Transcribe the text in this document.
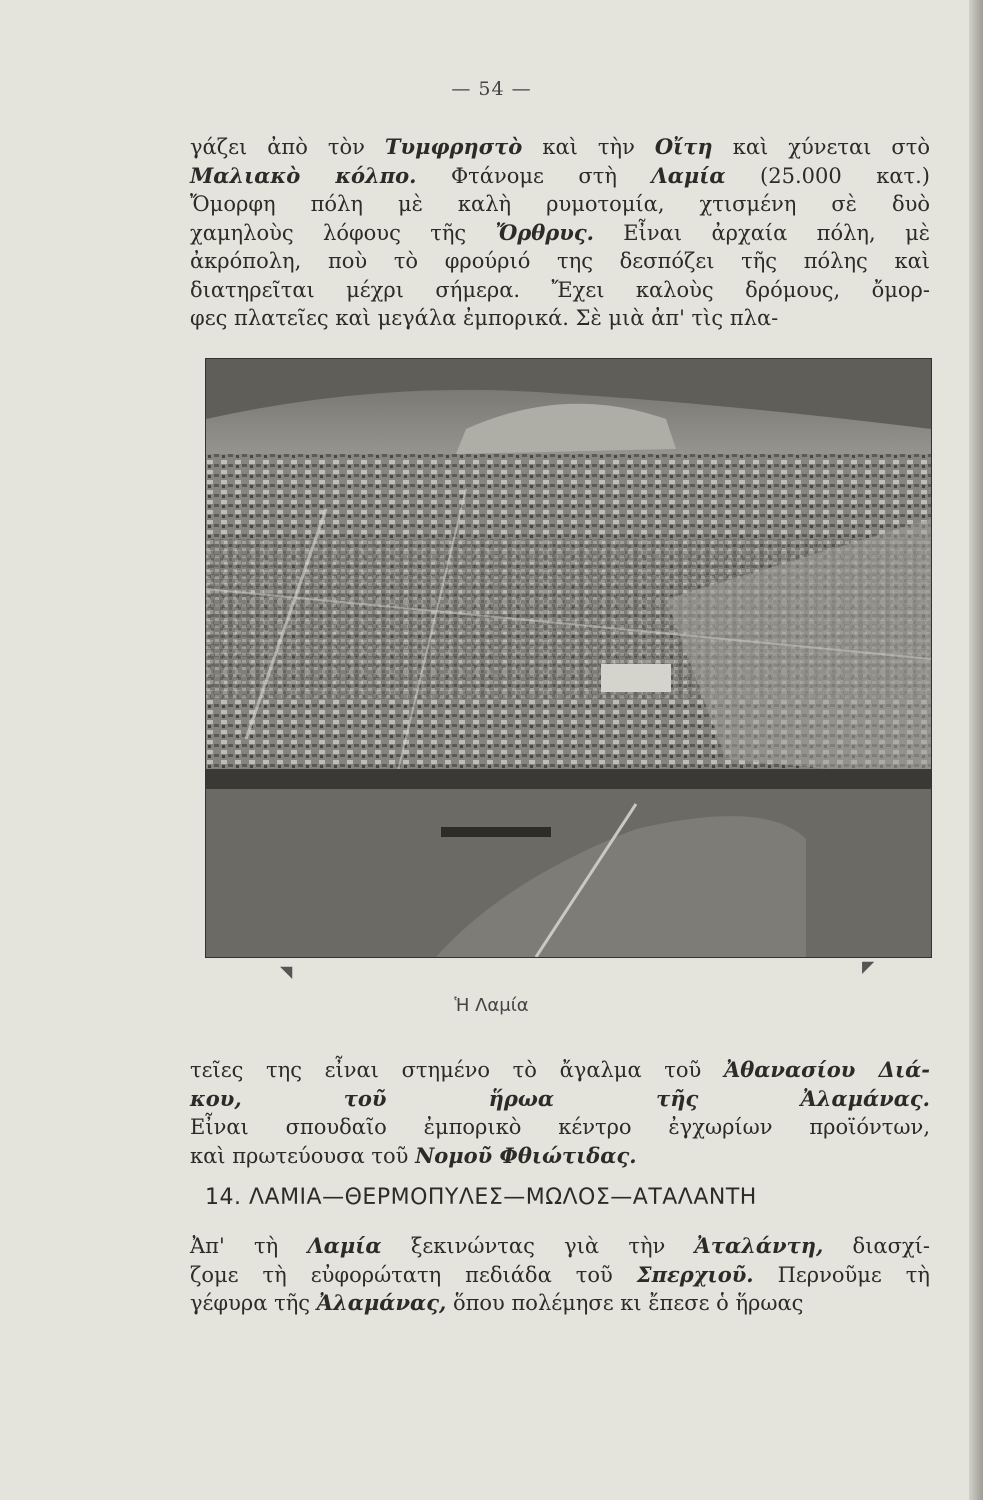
— 54 —
γάζει ἀπὸ τὸν Τυμφρηστὸ καὶ τὴν Οἴτη καὶ χύνεται στὸ
Μαλιακὸ κόλπο. Φτάνομε στὴ Λαμία (25.000 κατ.)
Ὄμορφη πόλη μὲ καλὴ ρυμοτομία, χτισμένη σὲ δυὸ
χαμηλοὺς λόφους τῆς Ὄρθρυς. Εἶναι ἀρχαία πόλη, μὲ
ἀκρόπολη, ποὺ τὸ φρούριό της δεσπόζει τῆς πόλης καὶ
διατηρεῖται μέχρι σήμερα. Ἔχει καλοὺς δρόμους, ὄμορ-
φες πλατεῖες καὶ μεγάλα ἐμπορικά. Σὲ μιὰ ἀπ' τὶς πλα-
Ἡ Λαμία
τεῖες της εἶναι στημένο τὸ ἄγαλμα τοῦ Ἀθανασίου Διά-
κου, τοῦ ἥρωα τῆς Ἀλαμάνας.
Εἶναι σπουδαῖο ἐμπορικὸ κέντρο ἐγχωρίων προϊόντων,
καὶ πρωτεύουσα τοῦ Νομοῦ Φθιώτιδας.
14. ΛΑΜΙΑ—ΘΕΡΜΟΠΥΛΕΣ—ΜΩΛΟΣ—ΑΤΑΛΑΝΤΗ
Ἀπ' τὴ Λαμία ξεκινώντας γιὰ τὴν Ἀταλάντη, διασχί-
ζομε τὴ εὐφορώτατη πεδιάδα τοῦ Σπερχιοῦ. Περνοῦμε τὴ
γέφυρα τῆς Ἀλαμάνας, ὅπου πολέμησε κι ἔπεσε ὁ ἥρωας
◥	◤
